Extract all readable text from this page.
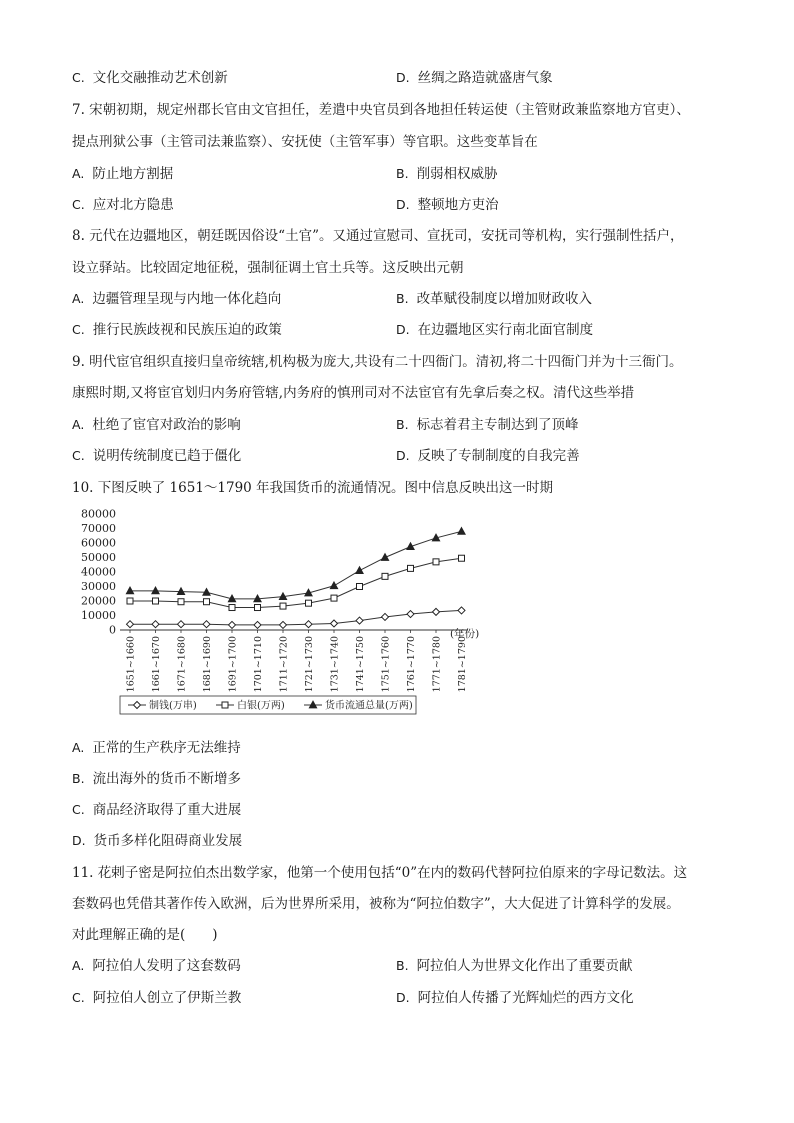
C. 文化交融推动艺术创新	D. 丝绸之路造就盛唐气象
7. 宋朝初期，规定州郡长官由文官担任，差遣中央官员到各地担任转运使（主管财政兼监察地方官吏）、
提点刑狱公事（主管司法兼监察）、安抚使（主管军事）等官职。这些变革旨在
A. 防止地方割据	B. 削弱相权威胁
C. 应对北方隐患	D. 整顿地方吏治
8. 元代在边疆地区，朝廷既因俗设“土官”。又通过宣慰司、宣抚司，安抚司等机构，实行强制性括户，
设立驿站。比较固定地征税，强制征调土官土兵等。这反映出元朝
A. 边疆管理呈现与内地一体化趋向	B. 改革赋役制度以增加财政收入
C. 推行民族歧视和民族压迫的政策	D. 在边疆地区实行南北面官制度
9. 明代宦官组织直接归皇帝统辖,机构极为庞大,共设有二十四衙门。清初,将二十四衙门并为十三衙门。
康熙时期,又将宦官划归内务府管辖,内务府的慎刑司对不法宦官有先拿后奏之权。清代这些举措
A. 杜绝了宦官对政治的影响	B. 标志着君主专制达到了顶峰
C. 说明传统制度已趋于僵化	D. 反映了专制制度的自我完善
10. 下图反映了 1651～1790 年我国货币的流通情况。图中信息反映出这一时期
80000
70000
60000
50000
40000
30000
20000
10000
0
1651~1660 1661~1670 1671~1680 1681~1690 1691~1700 1701~1710 1711~1720 1721~1730 1731~1740 1741~1750 1751~1760 1761~1770 1771~1780 1781~1790
(年份)
制钱(万串)	白银(万两)	货币流通总量(万两)
A. 正常的生产秩序无法维持
B. 流出海外的货币不断增多
C. 商品经济取得了重大进展
D. 货币多样化阻碍商业发展
11. 花剌子密是阿拉伯杰出数学家，他第一个使用包括“0”在内的数码代替阿拉伯原来的字母记数法。这
套数码也凭借其著作传入欧洲，后为世界所采用，被称为“阿拉伯数字”，大大促进了计算科学的发展。
对此理解正确的是(　　)
A. 阿拉伯人发明了这套数码	B. 阿拉伯人为世界文化作出了重要贡献
C. 阿拉伯人创立了伊斯兰教	D. 阿拉伯人传播了光辉灿烂的西方文化
